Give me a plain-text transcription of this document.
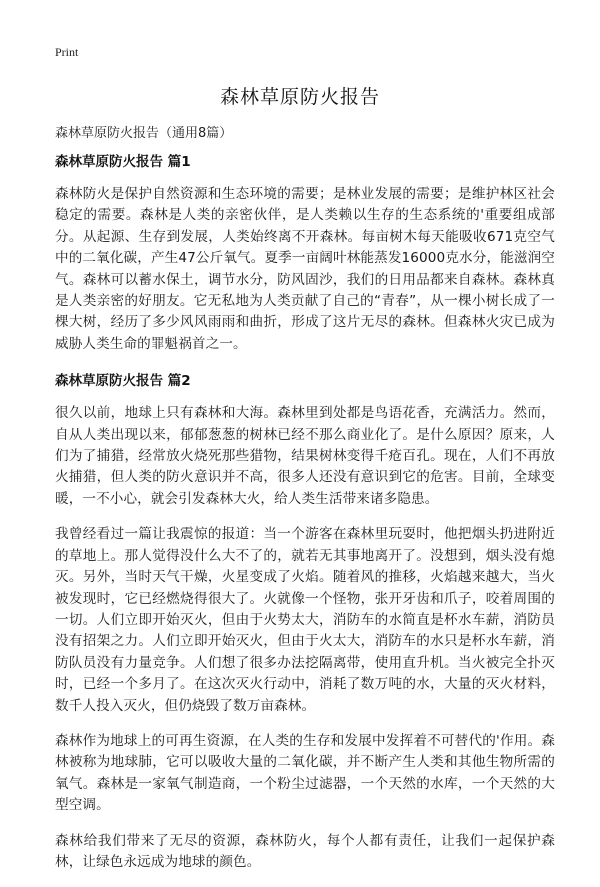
Print
森林草原防火报告
森林草原防火报告（通用8篇）
森林草原防火报告 篇1

森林防火是保护自然资源和生态环境的需要；是林业发展的需要；是维护林区社会稳定的需要。森林是人类的亲密伙伴，是人类赖以生存的生态系统的'重要组成部分。从起源、生存到发展，人类始终离不开森林。每亩树木每天能吸收671克空气中的二氧化碳，产生47公斤氧气。夏季一亩阔叶林能蒸发16000克水分，能滋润空气。森林可以蓄水保土，调节水分，防风固沙，我们的日用品都来自森林。森林真是人类亲密的好朋友。它无私地为人类贡献了自己的“青春”，从一棵小树长成了一棵大树，经历了多少风风雨雨和曲折，形成了这片无尽的森林。但森林火灾已成为威胁人类生命的罪魁祸首之一。

森林草原防火报告 篇2

很久以前，地球上只有森林和大海。森林里到处都是鸟语花香，充满活力。然而，自从人类出现以来，郁郁葱葱的树林已经不那么商业化了。是什么原因？原来，人们为了捕猎，经常放火烧死那些猎物，结果树林变得千疮百孔。现在，人们不再放火捕猎，但人类的防火意识并不高，很多人还没有意识到它的危害。目前，全球变暖，一不小心，就会引发森林大火，给人类生活带来诸多隐患。

我曾经看过一篇让我震惊的报道：当一个游客在森林里玩耍时，他把烟头扔进附近的草地上。那人觉得没什么大不了的，就若无其事地离开了。没想到，烟头没有熄灭。另外，当时天气干燥，火星变成了火焰。随着风的推移，火焰越来越大，当火被发现时，它已经燃烧得很大了。火就像一个怪物，张开牙齿和爪子，咬着周围的一切。人们立即开始灭火，但由于火势太大，消防车的水简直是杯水车薪，消防员没有招架之力。人们立即开始灭火，但由于火太大，消防车的水只是杯水车薪，消防队员没有力量竞争。人们想了很多办法挖隔离带，使用直升机。当火被完全扑灭时，已经一个多月了。在这次灭火行动中，消耗了数万吨的水，大量的灭火材料，数千人投入灭火，但仍烧毁了数万亩森林。

森林作为地球上的可再生资源，在人类的生存和发展中发挥着不可替代的'作用。森林被称为地球肺，它可以吸收大量的二氧化碳，并不断产生人类和其他生物所需的氧气。森林是一家氧气制造商，一个粉尘过滤器，一个天然的水库，一个天然的大型空调。

森林给我们带来了无尽的资源，森林防火，每个人都有责任，让我们一起保护森林，让绿色永远成为地球的颜色。
